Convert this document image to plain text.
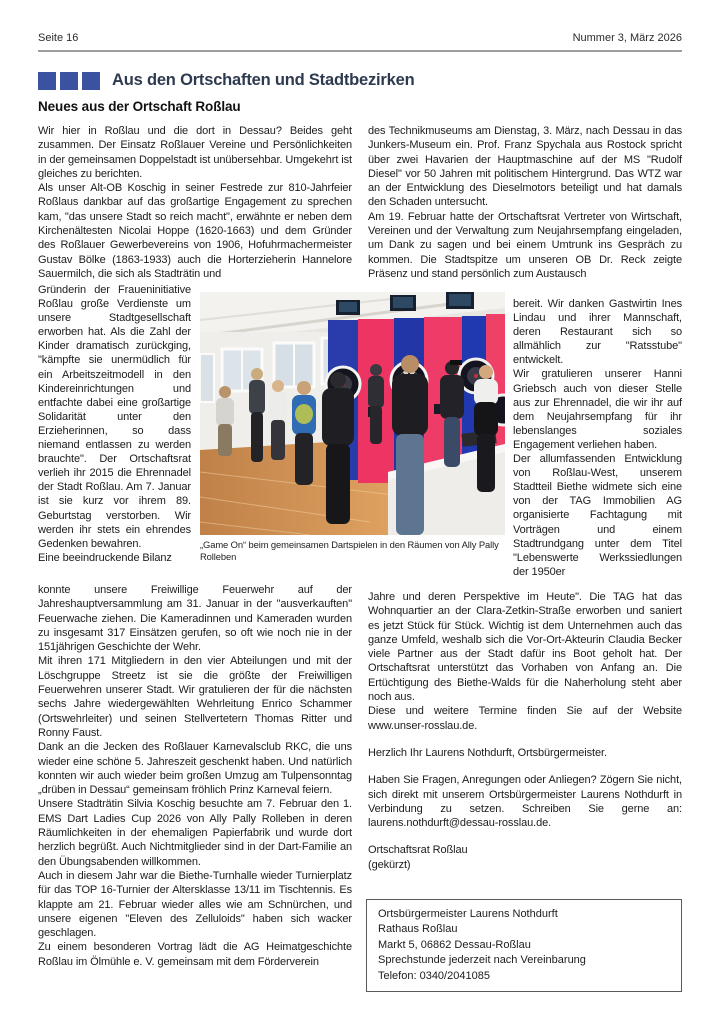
Seite 16	Nummer 3, März 2026
Aus den Ortschaften und Stadtbezirken
Neues aus der Ortschaft Roßlau

Wir hier in Roßlau und die dort in Dessau? Beides geht zusammen. Der Einsatz Roßlauer Vereine und Persönlichkeiten in der gemeinsamen Doppelstadt ist unübersehbar. Umgekehrt ist gleiches zu berichten.

Als unser Alt-OB Koschig in seiner Festrede zur 810-Jahrfeier Roßlaus dankbar auf das großartige Engagement zu sprechen kam, "das unsere Stadt so reich macht", erwähnte er neben dem Kirchenältesten Nicolai Hoppe (1620-1663) und dem Gründer des Roßlauer Gewerbevereins von 1906, Hofuhrmachermeister Gustav Bölke (1863-1933) auch die Horterzieherin Hannelore Sauermilch, die sich als Stadträtin und

Gründerin der Fraueninitiative Roßlau große Verdienste um unsere Stadtgesellschaft erworben hat. Als die Zahl der Kinder dramatisch zurückging, "kämpfte sie unermüdlich für ein Arbeitszeitmodell in den Kindereinrichtungen und entfachte dabei eine großartige Solidarität unter den Erzieherinnen, so dass niemand entlassen zu werden brauchte". Der Ortschaftsrat verlieh ihr 2015 die Ehrennadel der Stadt Roßlau. Am 7. Januar ist sie kurz vor ihrem 89. Geburtstag verstorben. Wir werden ihr stets ein ehrendes Gedenken bewahren.

Eine beeindruckende Bilanz

„Game On“ beim gemeinsamen Dartspielen in den Räumen von Ally Pally Rolleben

konnte unsere Freiwillige Feuerwehr auf der Jahreshauptversammlung am 31. Januar in der "ausverkauften" Feuerwache ziehen. Die Kameradinnen und Kameraden wurden zu insgesamt 317 Einsätzen gerufen, so oft wie noch nie in der 151jährigen Geschichte der Wehr.

Mit ihren 171 Mitgliedern in den vier Abteilungen und mit der Löschgruppe Streetz ist sie die größte der Freiwilligen Feuerwehren unserer Stadt. Wir gratulieren der für die nächsten sechs Jahre wiedergewählten Wehrleitung Enrico Schammer (Ortswehrleiter) und seinen Stellvertetern Thomas Ritter und Ronny Faust.

Dank an die Jecken des Roßlauer Karnevalsclub RKC, die uns wieder eine schöne 5. Jahreszeit geschenkt haben. Und natürlich konnten wir auch wieder beim großen Umzug am Tulpensonntag „drüben in Dessau“ gemeinsam fröhlich Prinz Karneval feiern.

Unsere Stadträtin Silvia Koschig besuchte am 7. Februar den 1. EMS Dart Ladies Cup 2026 von Ally Pally Rolleben in deren Räumlichkeiten in der ehemaligen Papierfabrik und wurde dort herzlich begrüßt. Auch Nichtmitglieder sind in der Dart-Familie an den Übungsabenden willkommen.

Auch in diesem Jahr war die Biethe-Turnhalle wieder Turnierplatz für das TOP 16-Turnier der Altersklasse 13/11 im Tischtennis. Es klappte am 21. Februar wieder alles wie am Schnürchen, und unsere eigenen "Eleven des Zelluloids" haben sich wacker geschlagen.

Zu einem besonderen Vortrag lädt die AG Heimatgeschichte Roßlau im Ölmühle e. V. gemeinsam mit dem Förderverein

des Technikmuseums am Dienstag, 3. März, nach Dessau in das Junkers-Museum ein. Prof. Franz Spychala aus Rostock spricht über zwei Havarien der Hauptmaschine auf der MS "Rudolf Diesel" vor 50 Jahren mit politischem Hintergrund. Das WTZ war an der Entwicklung des Dieselmotors beteiligt und hat damals den Schaden untersucht.

Am 19. Februar hatte der Ortschaftsrat Vertreter von Wirtschaft, Vereinen und der Verwaltung zum Neujahrsempfang eingeladen, um Dank zu sagen und bei einem Umtrunk ins Gespräch zu kommen. Die Stadtspitze um unseren OB Dr. Reck zeigte Präsenz und stand persönlich zum Austausch

bereit. Wir danken Gastwirtin Ines Lindau und ihrer Mannschaft, deren Restaurant sich so allmählich zur "Ratsstube" entwickelt.

Wir gratulieren unserer Hanni Griebsch auch von dieser Stelle aus zur Ehrennadel, die wir ihr auf dem Neujahrsempfang für ihr lebenslanges soziales Engagement verliehen haben.

Der allumfassenden Entwicklung von Roßlau-West, unserem Stadtteil Biethe widmete sich eine von der TAG Immobilien AG organisierte Fachtagung mit Vorträgen und einem Stadtrundgang unter dem Titel "Lebenswerte Werkssiedlungen der 1950er

Jahre und deren Perspektive im Heute". Die TAG hat das Wohnquartier an der Clara-Zetkin-Straße erworben und saniert es jetzt Stück für Stück. Wichtig ist dem Unternehmen auch das ganze Umfeld, weshalb sich die Vor-Ort-Akteurin Claudia Becker viele Partner aus der Stadt dafür ins Boot geholt hat. Der Ortschaftsrat unterstützt das Vorhaben von Anfang an. Die Ertüchtigung des Biethe-Walds für die Naherholung steht aber noch aus.

Diese und weitere Termine finden Sie auf der Website www.unser-rosslau.de.

Herzlich Ihr Laurens Nothdurft, Ortsbürgermeister.

Haben Sie Fragen, Anregungen oder Anliegen? Zögern Sie nicht, sich direkt mit unserem Ortsbürgermeister Laurens Nothdurft in Verbindung zu setzen. Schreiben Sie gerne an: laurens.nothdurft@dessau-rosslau.de.

Ortschaftsrat Roßlau

(gekürzt)

Ortsbürgermeister Laurens Nothdurft

Rathaus Roßlau

Markt 5, 06862 Dessau-Roßlau

Sprechstunde jederzeit nach Vereinbarung

Telefon: 0340/2041085
